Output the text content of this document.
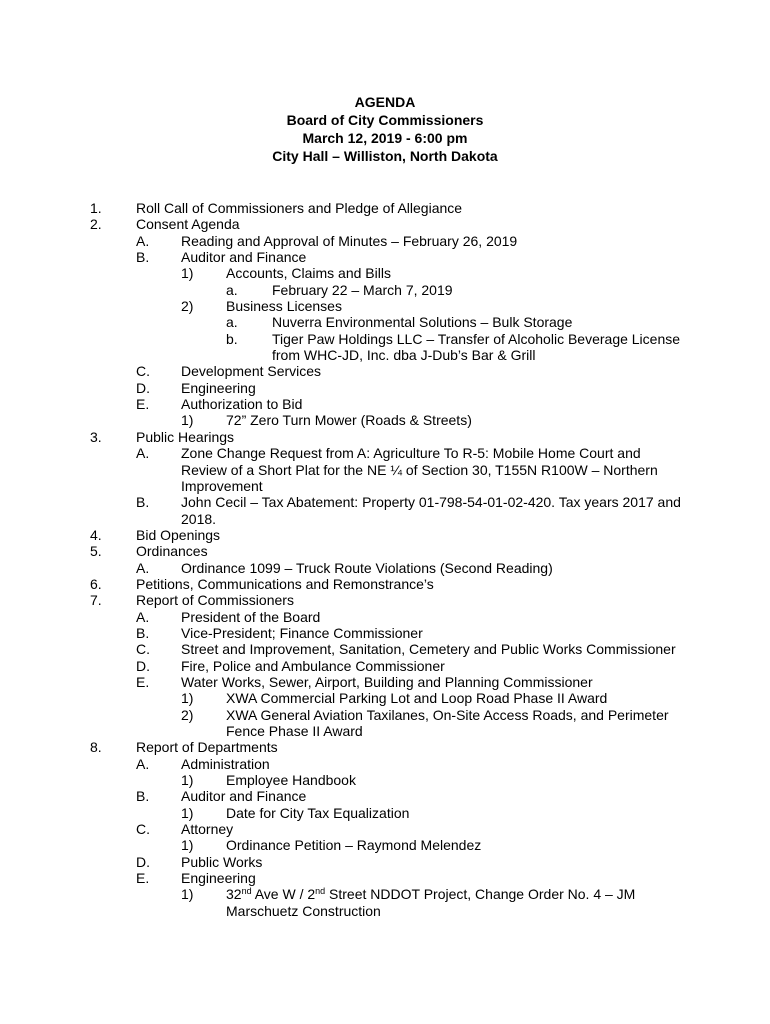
AGENDA
Board of City Commissioners
March 12, 2019 - 6:00 pm
City Hall – Williston, North Dakota
1. Roll Call of Commissioners and Pledge of Allegiance
2. Consent Agenda
A. Reading and Approval of Minutes – February 26, 2019
B. Auditor and Finance
1) Accounts, Claims and Bills
a. February 22 – March 7, 2019
2) Business Licenses
a. Nuverra Environmental Solutions – Bulk Storage
b. Tiger Paw Holdings LLC – Transfer of Alcoholic Beverage License from WHC-JD, Inc. dba J-Dub’s Bar & Grill
C. Development Services
D. Engineering
E. Authorization to Bid
1) 72” Zero Turn Mower (Roads & Streets)
3. Public Hearings
A. Zone Change Request from A: Agriculture To R-5: Mobile Home Court and Review of a Short Plat for the NE ¼ of Section 30, T155N R100W – Northern Improvement
B. John Cecil – Tax Abatement: Property 01-798-54-01-02-420. Tax years 2017 and 2018.
4. Bid Openings
5. Ordinances
A. Ordinance 1099 – Truck Route Violations (Second Reading)
6. Petitions, Communications and Remonstrance’s
7. Report of Commissioners
A. President of the Board
B. Vice-President; Finance Commissioner
C. Street and Improvement, Sanitation, Cemetery and Public Works Commissioner
D. Fire, Police and Ambulance Commissioner
E. Water Works, Sewer, Airport, Building and Planning Commissioner
1) XWA Commercial Parking Lot and Loop Road Phase II Award
2) XWA General Aviation Taxilanes, On-Site Access Roads, and Perimeter Fence Phase II Award
8. Report of Departments
A. Administration
1) Employee Handbook
B. Auditor and Finance
1) Date for City Tax Equalization
C. Attorney
1) Ordinance Petition – Raymond Melendez
D. Public Works
E. Engineering
1) 32nd Ave W / 2nd Street NDDOT Project, Change Order No. 4 – JM Marschuetz Construction
